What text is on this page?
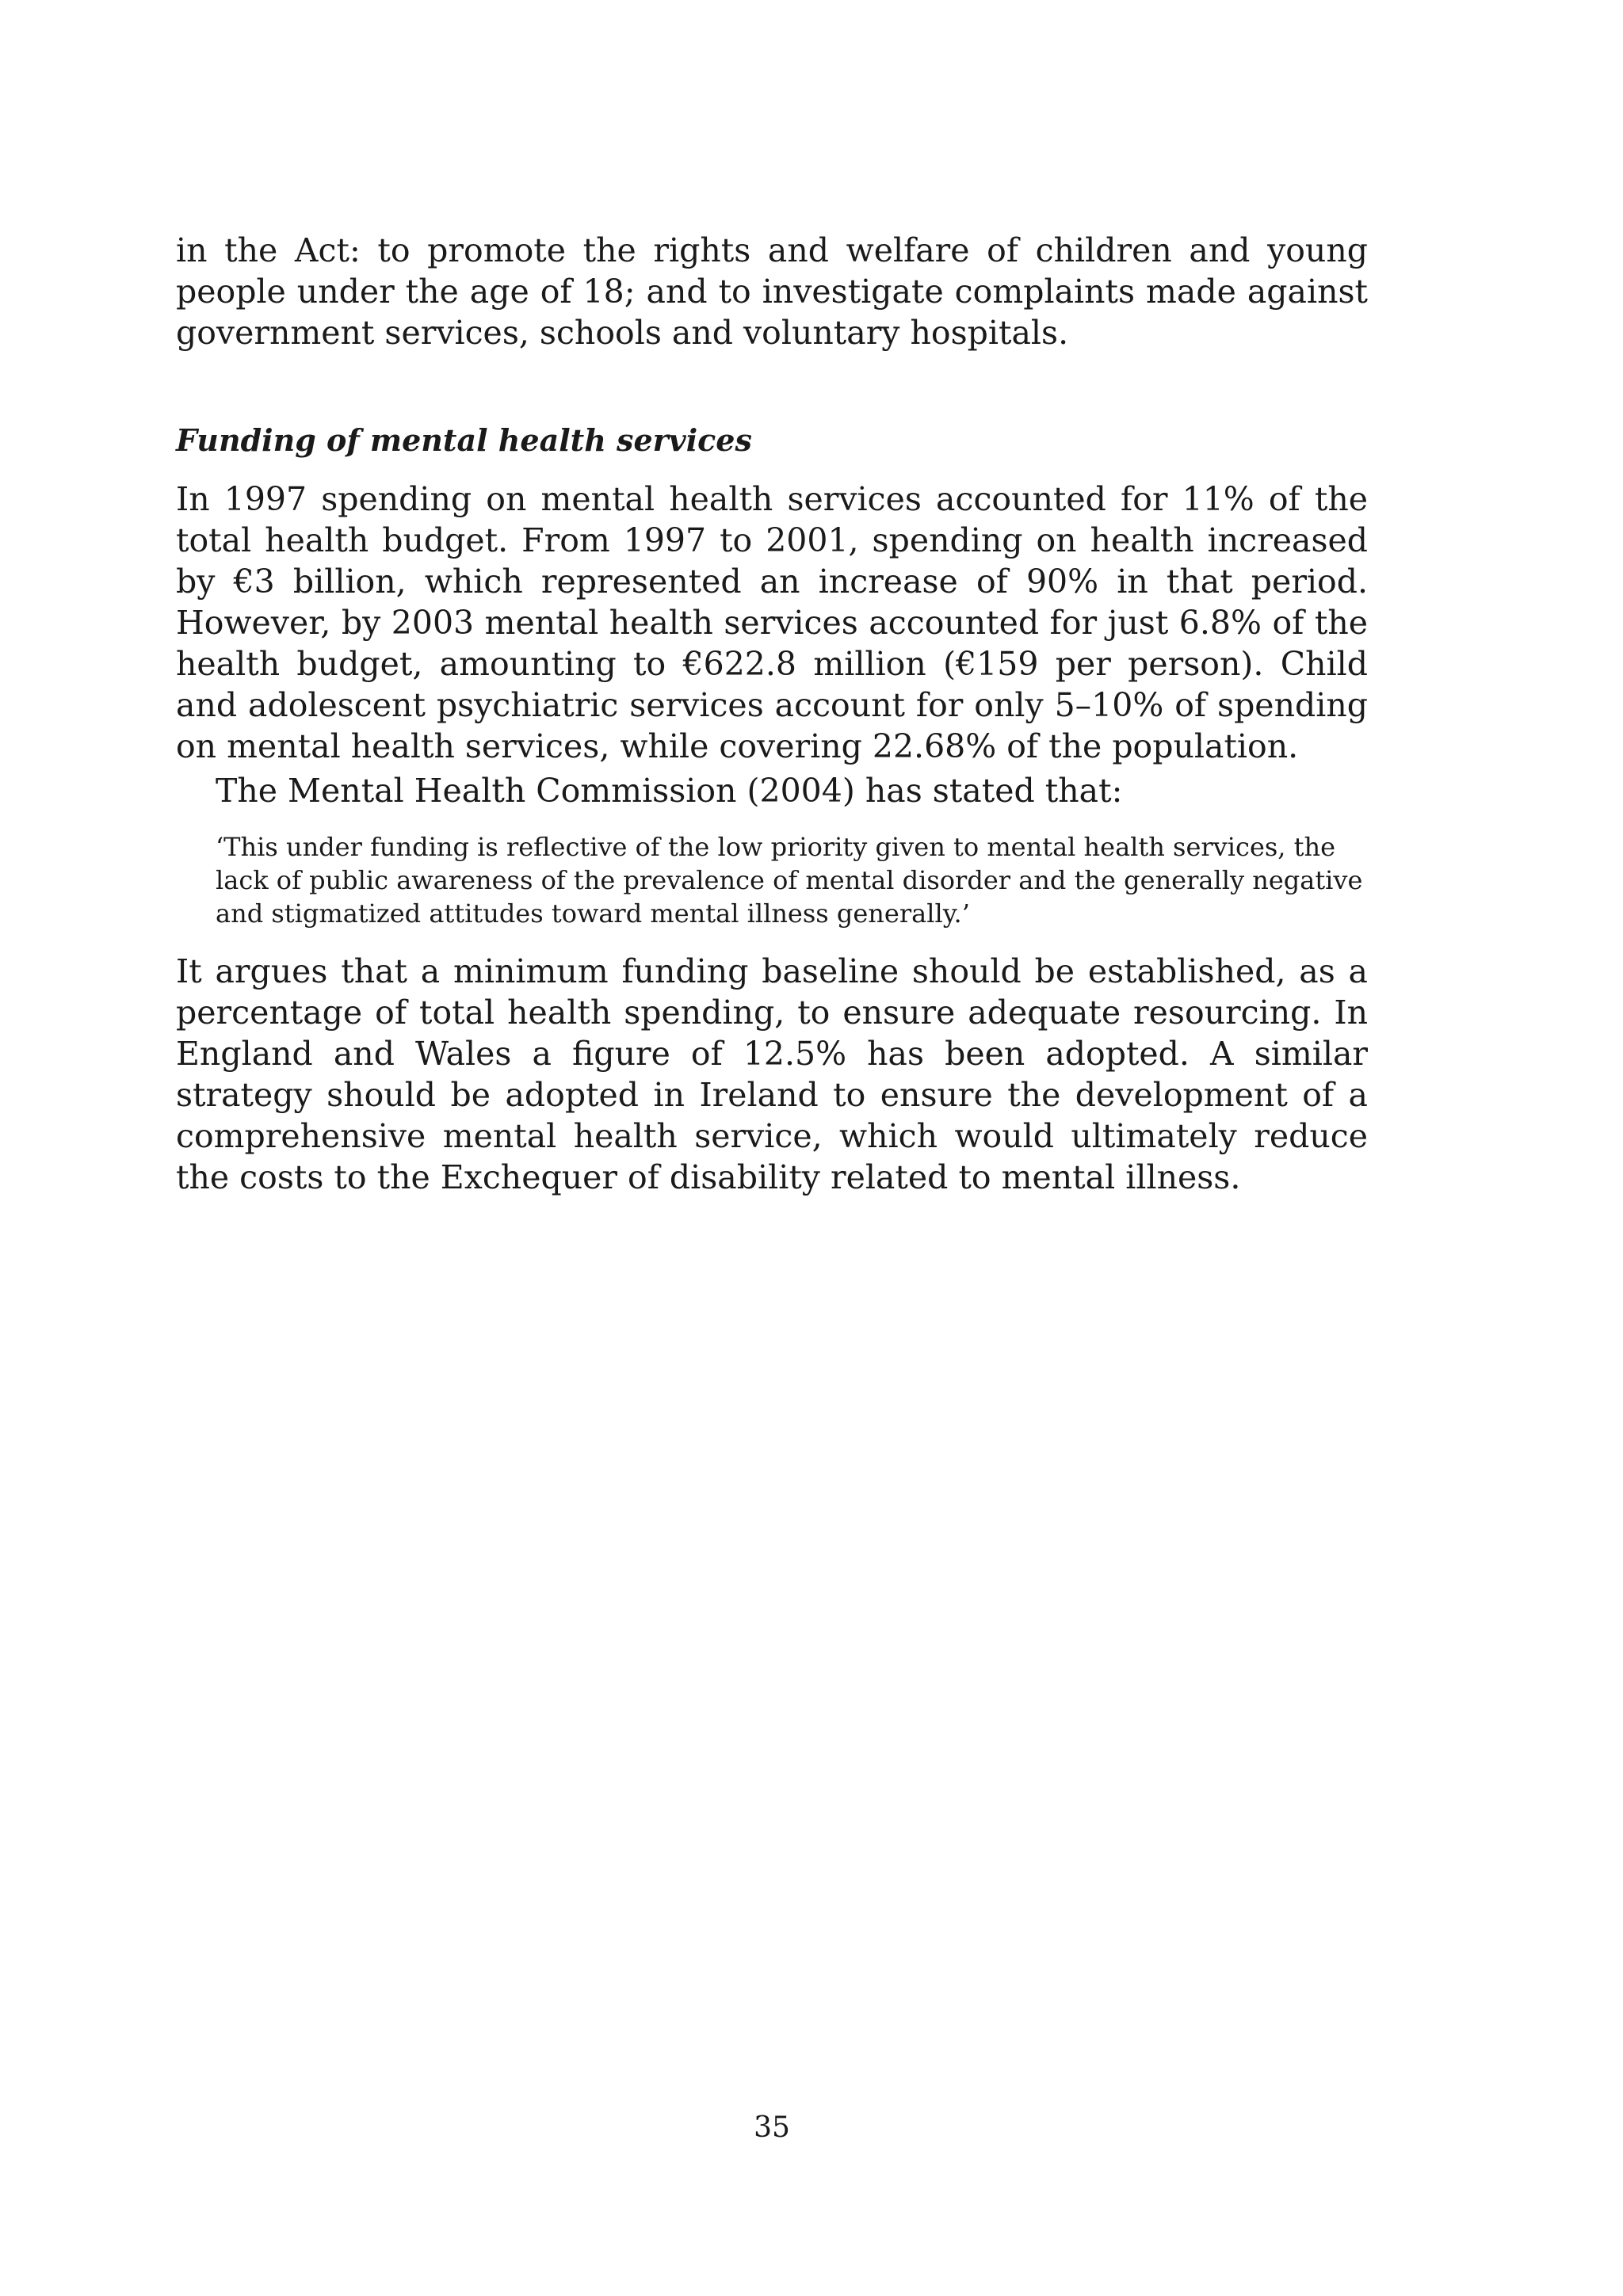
in the Act: to promote the rights and welfare of children and young people under the age of 18; and to investigate complaints made against government services, schools and voluntary hospitals.

Funding of mental health services

In 1997 spending on mental health services accounted for 11% of the total health budget. From 1997 to 2001, spending on health increased by €3 billion, which represented an increase of 90% in that period. However, by 2003 mental health services accounted for just 6.8% of the health budget, amounting to €622.8 million (€159 per person). Child and adolescent psychiatric services account for only 5–10% of spending on mental health services, while covering 22.68% of the population.

The Mental Health Commission (2004) has stated that:

‘This under funding is reflective of the low priority given to mental health services, the lack of public awareness of the prevalence of mental disorder and the generally negative and stigmatized attitudes toward mental illness generally.’

It argues that a minimum funding baseline should be established, as a percentage of total health spending, to ensure adequate resourcing. In England and Wales a figure of 12.5% has been adopted. A similar strategy should be adopted in Ireland to ensure the development of a comprehensive mental health service, which would ultimately reduce the costs to the Exchequer of disability related to mental illness.

35
